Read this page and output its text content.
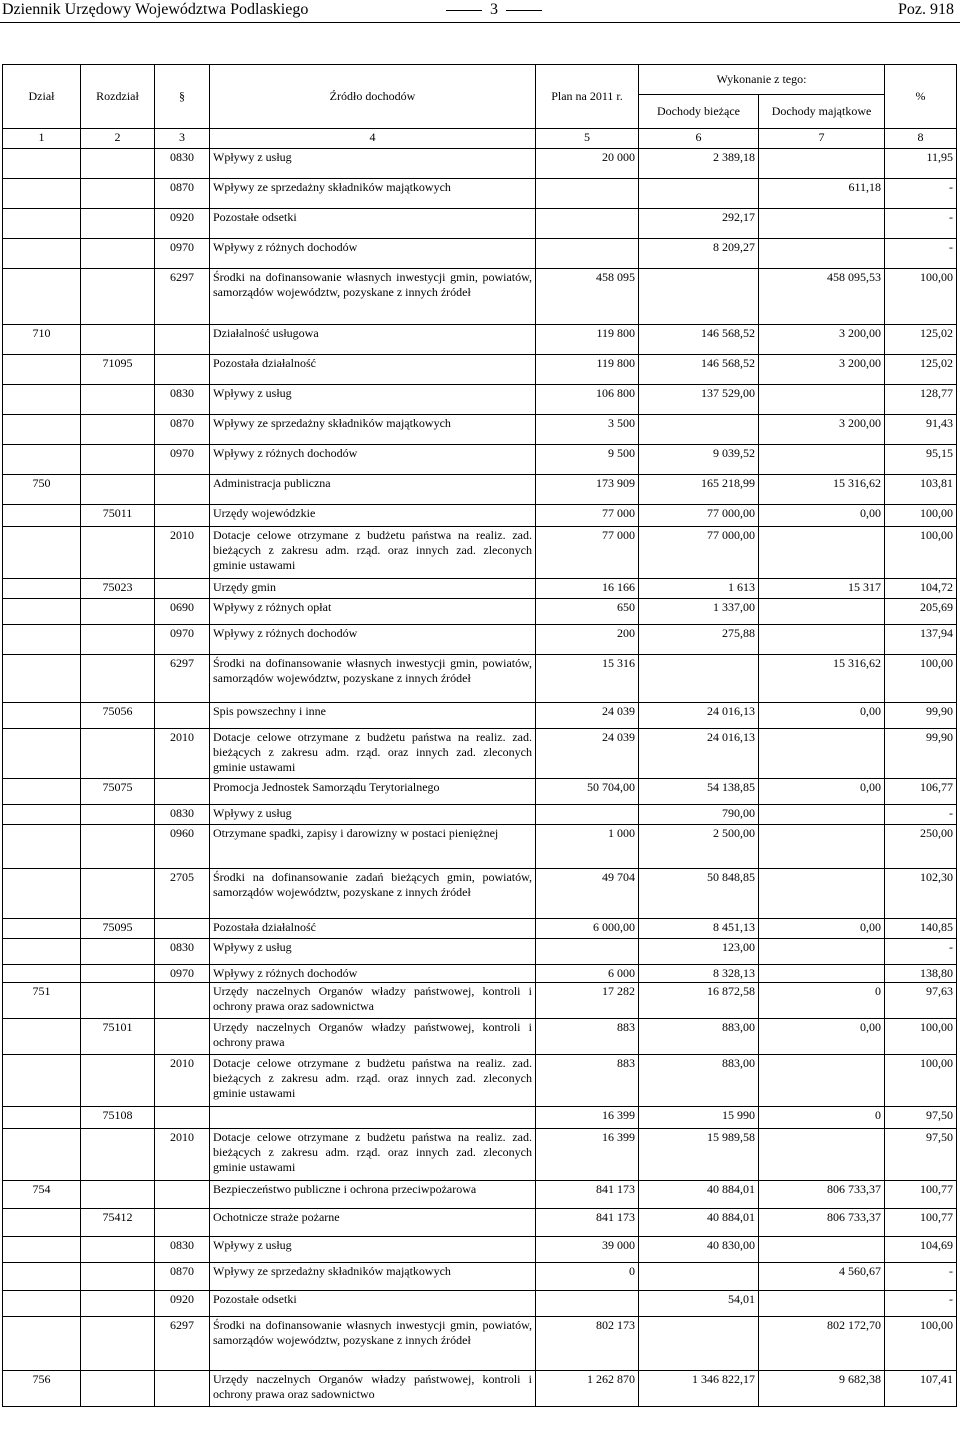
Dziennik Urzędowy Województwa Podlaskiego	3	Poz. 918
Dział	Rozdział	§	Źródło dochodów	Plan na 2011 r.	Wykonanie z tego:		%
					Dochody bieżące	Dochody majątkowe	
1	2	3	4	5	6	7	8
		0830	Wpływy z usług	20 000	2 389,18		11,95
		0870	Wpływy ze sprzedażny składników majątkowych			611,18	-
		0920	Pozostałe odsetki		292,17		-
		0970	Wpływy z różnych dochodów		8 209,27		-
		6297	Środki na dofinansowanie własnych inwestycji gmin, powiatów, samorządów województw, pozyskane z innych źródeł	458 095		458 095,53	100,00
710			Działalność usługowa	119 800	146 568,52	3 200,00	125,02
	71095		Pozostała działalność	119 800	146 568,52	3 200,00	125,02
		0830	Wpływy z usług	106 800	137 529,00		128,77
		0870	Wpływy ze sprzedażny składników majątkowych	3 500		3 200,00	91,43
		0970	Wpływy z różnych dochodów	9 500	9 039,52		95,15
750			Administracja publiczna	173 909	165 218,99	15 316,62	103,81
	75011		Urzędy wojewódzkie	77 000	77 000,00	0,00	100,00
		2010	Dotacje celowe otrzymane z budżetu państwa na realiz. zad. bieżących z zakresu adm. rząd. oraz innych zad. zleconych gminie ustawami	77 000	77 000,00		100,00
	75023		Urzędy gmin	16 166	1 613	15 317	104,72
		0690	Wpływy z różnych opłat	650	1 337,00		205,69
		0970	Wpływy z różnych dochodów	200	275,88		137,94
		6297	Środki na dofinansowanie własnych inwestycji gmin, powiatów, samorządów województw, pozyskane z innych źródeł	15 316		15 316,62	100,00
	75056		Spis powszechny i inne	24 039	24 016,13	0,00	99,90
		2010	Dotacje celowe otrzymane z budżetu państwa na realiz. zad. bieżących z zakresu adm. rząd. oraz innych zad. zleconych gminie ustawami	24 039	24 016,13		99,90
	75075		Promocja Jednostek Samorządu Terytorialnego	50 704,00	54 138,85	0,00	106,77
		0830	Wpływy z usług		790,00		-
		0960	Otrzymane spadki, zapisy i darowizny w postaci pieniężnej	1 000	2 500,00		250,00
		2705	Środki na dofinansowanie zadań bieżących gmin, powiatów, samorządów województw, pozyskane z innych źródeł	49 704	50 848,85		102,30
	75095		Pozostała działalność	6 000,00	8 451,13	0,00	140,85
		0830	Wpływy z usług		123,00		-
		0970	Wpływy z różnych dochodów	6 000	8 328,13		138,80
751			Urzędy naczelnych Organów władzy państwowej, kontroli i ochrony prawa oraz sadownictwa	17 282	16 872,58	0	97,63
	75101		Urzędy naczelnych Organów władzy państwowej, kontroli i ochrony prawa	883	883,00	0,00	100,00
		2010	Dotacje celowe otrzymane z budżetu państwa na realiz. zad. bieżących z zakresu adm. rząd. oraz innych zad. zleconych gminie ustawami	883	883,00		100,00
	75108			16 399	15 990	0	97,50
		2010	Dotacje celowe otrzymane z budżetu państwa na realiz. zad. bieżących z zakresu adm. rząd. oraz innych zad. zleconych gminie ustawami	16 399	15 989,58		97,50
754			Bezpieczeństwo publiczne i ochrona przeciwpożarowa	841 173	40 884,01	806 733,37	100,77
	75412		Ochotnicze straże pożarne	841 173	40 884,01	806 733,37	100,77
		0830	Wpływy z usług	39 000	40 830,00		104,69
		0870	Wpływy ze sprzedażny składników majątkowych	0		4 560,67	-
		0920	Pozostałe odsetki		54,01		-
		6297	Środki na dofinansowanie własnych inwestycji gmin, powiatów, samorządów województw, pozyskane z innych źródeł	802 173		802 172,70	100,00
756			Urzędy naczelnych Organów władzy państwowej, kontroli i ochrony prawa oraz sadownictwo	1 262 870	1 346 822,17	9 682,38	107,41
